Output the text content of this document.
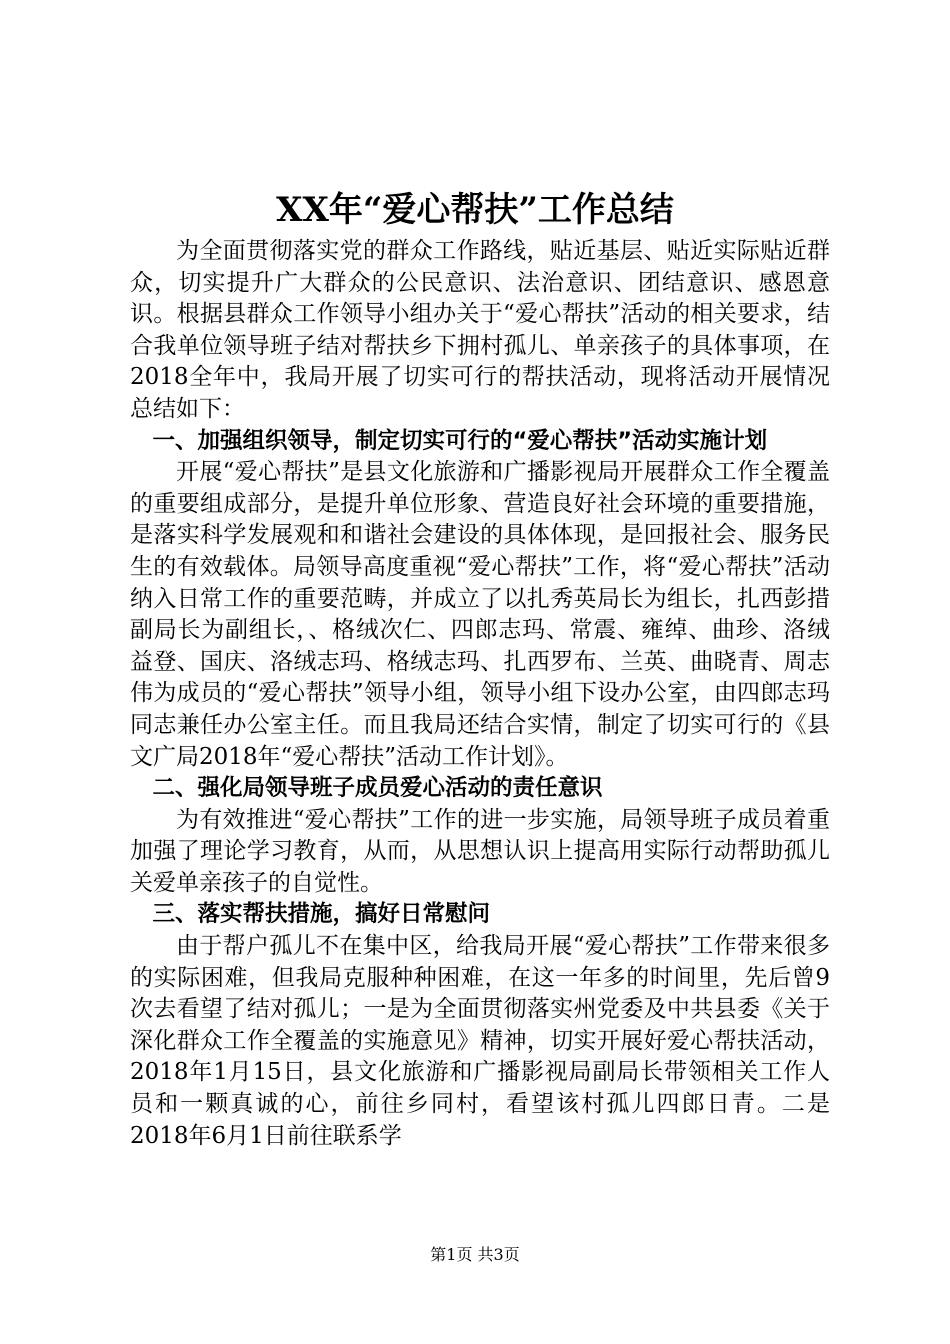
XX年“爱心帮扶”工作总结

为全面贯彻落实党的群众工作路线，贴近基层、贴近实际贴近群众，切实提升广大群众的公民意识、法治意识、团结意识、感恩意识。根据县群众工作领导小组办关于“爱心帮扶”活动的相关要求，结合我单位领导班子结对帮扶乡下拥村孤儿、单亲孩子的具体事项，在2018全年中，我局开展了切实可行的帮扶活动，现将活动开展情况总结如下：

一、加强组织领导，制定切实可行的“爱心帮扶”活动实施计划

开展“爱心帮扶”是县文化旅游和广播影视局开展群众工作全覆盖的重要组成部分，是提升单位形象、营造良好社会环境的重要措施，是落实科学发展观和和谐社会建设的具体体现，是回报社会、服务民生的有效载体。局领导高度重视“爱心帮扶”工作，将“爱心帮扶”活动纳入日常工作的重要范畴，并成立了以扎秀英局长为组长，扎西彭措副局长为副组长，、格绒次仁、四郎志玛、常震、雍绰、曲珍、洛绒益登、国庆、洛绒志玛、格绒志玛、扎西罗布、兰英、曲晓青、周志伟为成员的“爱心帮扶”领导小组，领导小组下设办公室，由四郎志玛同志兼任办公室主任。而且我局还结合实情，制定了切实可行的《县文广局2018年“爱心帮扶”活动工作计划》。

二、强化局领导班子成员爱心活动的责任意识

为有效推进“爱心帮扶”工作的进一步实施，局领导班子成员着重加强了理论学习教育，从而，从思想认识上提高用实际行动帮助孤儿关爱单亲孩子的自觉性。

三、落实帮扶措施，搞好日常慰问

由于帮户孤儿不在集中区，给我局开展“爱心帮扶”工作带来很多的实际困难，但我局克服种种困难，在这一年多的时间里，先后曾9次去看望了结对孤儿；一是为全面贯彻落实州党委及中共县委《关于深化群众工作全覆盖的实施意见》精神，切实开展好爱心帮扶活动，2018年1月15日，县文化旅游和广播影视局副局长带领相关工作人员和一颗真诚的心，前往乡同村，看望该村孤儿四郎日青。二是2018年6月1日前往联系学

第1页 共3页
